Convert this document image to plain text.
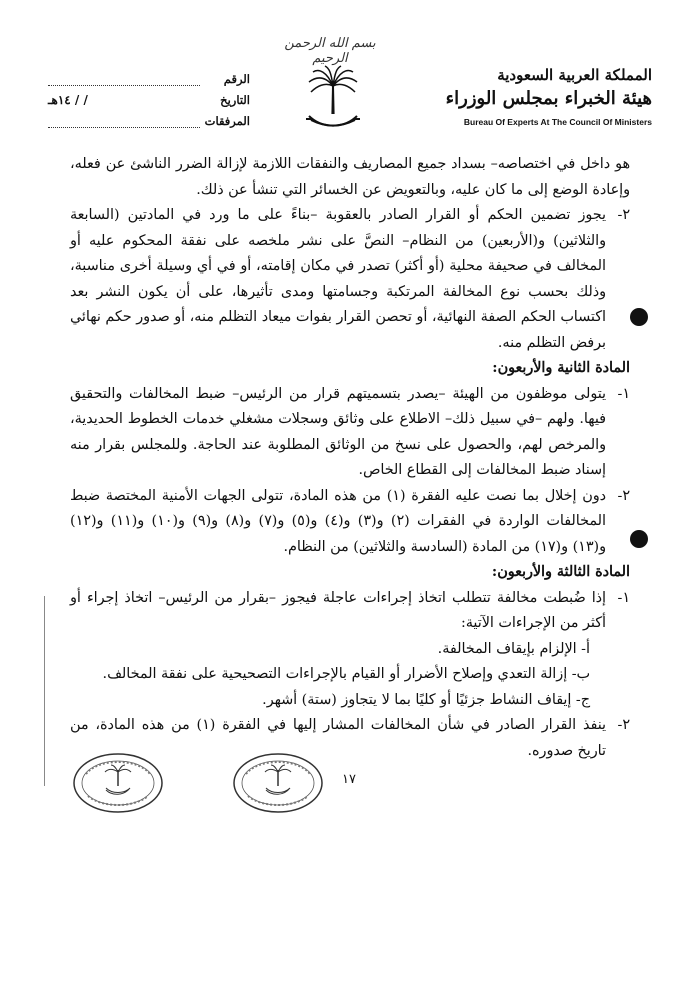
بسم الله الرحمن الرحيم
الرقم
التاريخ
/ / ١٤هـ
المرفقات
المملكة العربية السعودية
هيئة الخبراء بمجلس الوزراء
Bureau Of Experts At The Council Of Ministers

هو داخل في اختصاصه– بسداد جميع المصاريف والنفقات اللازمة لإزالة الضرر الناشئ عن فعله، وإعادة الوضع إلى ما كان عليه، وبالتعويض عن الخسائر التي تنشأ عن ذلك.

٢-
يجوز تضمين الحكم أو القرار الصادر بالعقوبة –بناءً على ما ورد في المادتين (السابعة والثلاثين) و(الأربعين) من النظام– النصَّ على نشر ملخصه على نفقة المحكوم عليه أو المخالف في صحيفة محلية (أو أكثر) تصدر في مكان إقامته، أو في أي وسيلة أخرى مناسبة، وذلك بحسب نوع المخالفة المرتكبة وجسامتها ومدى تأثيرها، على أن يكون النشر بعد اكتساب الحكم الصفة النهائية، أو تحصن القرار بفوات ميعاد التظلم منه، أو صدور حكم نهائي برفض التظلم منه.

المادة الثانية والأربعون:

١-
يتولى موظفون من الهيئة –يصدر بتسميتهم قرار من الرئيس– ضبط المخالفات والتحقيق فيها. ولهم –في سبيل ذلك– الاطلاع على وثائق وسجلات مشغلي خدمات الخطوط الحديدية، والمرخص لهم، والحصول على نسخ من الوثائق المطلوبة عند الحاجة. وللمجلس بقرار منه إسناد ضبط المخالفات إلى القطاع الخاص.
٢-
دون إخلال بما نصت عليه الفقرة (١) من هذه المادة، تتولى الجهات الأمنية المختصة ضبط المخالفات الواردة في الفقرات (٢) و(٣) و(٤) و(٥) و(٧) و(٨) و(٩) و(١٠) و(١١) و(١٢) و(١٣) و(١٧) من المادة (السادسة والثلاثين) من النظام.

المادة الثالثة والأربعون:

١-
إذا ضُبطت مخالفة تتطلب اتخاذ إجراءات عاجلة فيجوز –بقرار من الرئيس– اتخاذ إجراء أو أكثر من الإجراءات الآتية:
أ- الإلزام بإيقاف المخالفة.
ب- إزالة التعدي وإصلاح الأضرار أو القيام بالإجراءات التصحيحية على نفقة المخالف.
ج- إيقاف النشاط جزئيًا أو كليًا بما لا يتجاوز (ستة) أشهر.
٢-
ينفذ القرار الصادر في شأن المخالفات المشار إليها في الفقرة (١) من هذه المادة، من تاريخ صدوره.
١٧
